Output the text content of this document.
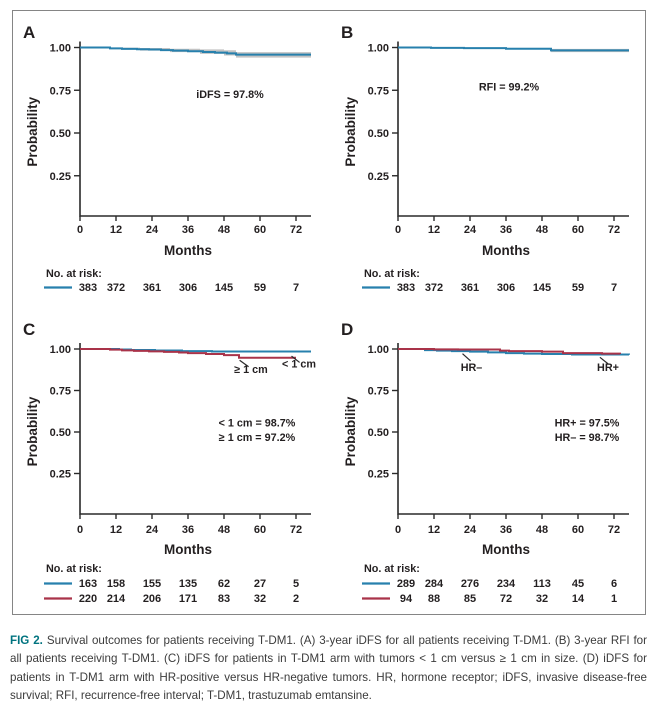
1.00
0.75
0.50
0.25
0 12 24 36 48 60 72
Months
Probability
A
iDFS = 97.8%
No. at risk:
383 372 361 306 145 59 7
1.00
0.75
0.50
0.25
0 12 24 36 48 60 72
Months
Probability
B
RFI = 99.2%
No. at risk:
383 372 361 306 145 59 7
1.00
0.75
0.50
0.25
0 12 24 36 48 60 72
Months
Probability
C
< 1 cm = 98.7%
≥ 1 cm = 97.2%
≥ 1 cm < 1 cm
No. at risk:
163 158 155 135 62 27 5
220 214 206 171 83 32 2
1.00
0.75
0.50
0.25
0 12 24 36 48 60 72
Months
Probability
D
HR+ = 97.5%
HR– = 98.7%
HR–	HR+
No. at risk:
289 284 276 234 113 45 6
94 88 85 72 32 14 1
FIG 2. Survival outcomes for patients receiving T-DM1. (A) 3-year iDFS for all patients receiving T-DM1. (B) 3-year RFI for all patients receiving T-DM1. (C) iDFS for patients in T-DM1 arm with tumors < 1 cm versus ≥ 1 cm in size. (D) iDFS for patients in T-DM1 arm with HR-positive versus HR-negative tumors. HR, hormone receptor; iDFS, invasive disease-free survival; RFI, recurrence-free interval; T-DM1, trastuzumab emtansine.
